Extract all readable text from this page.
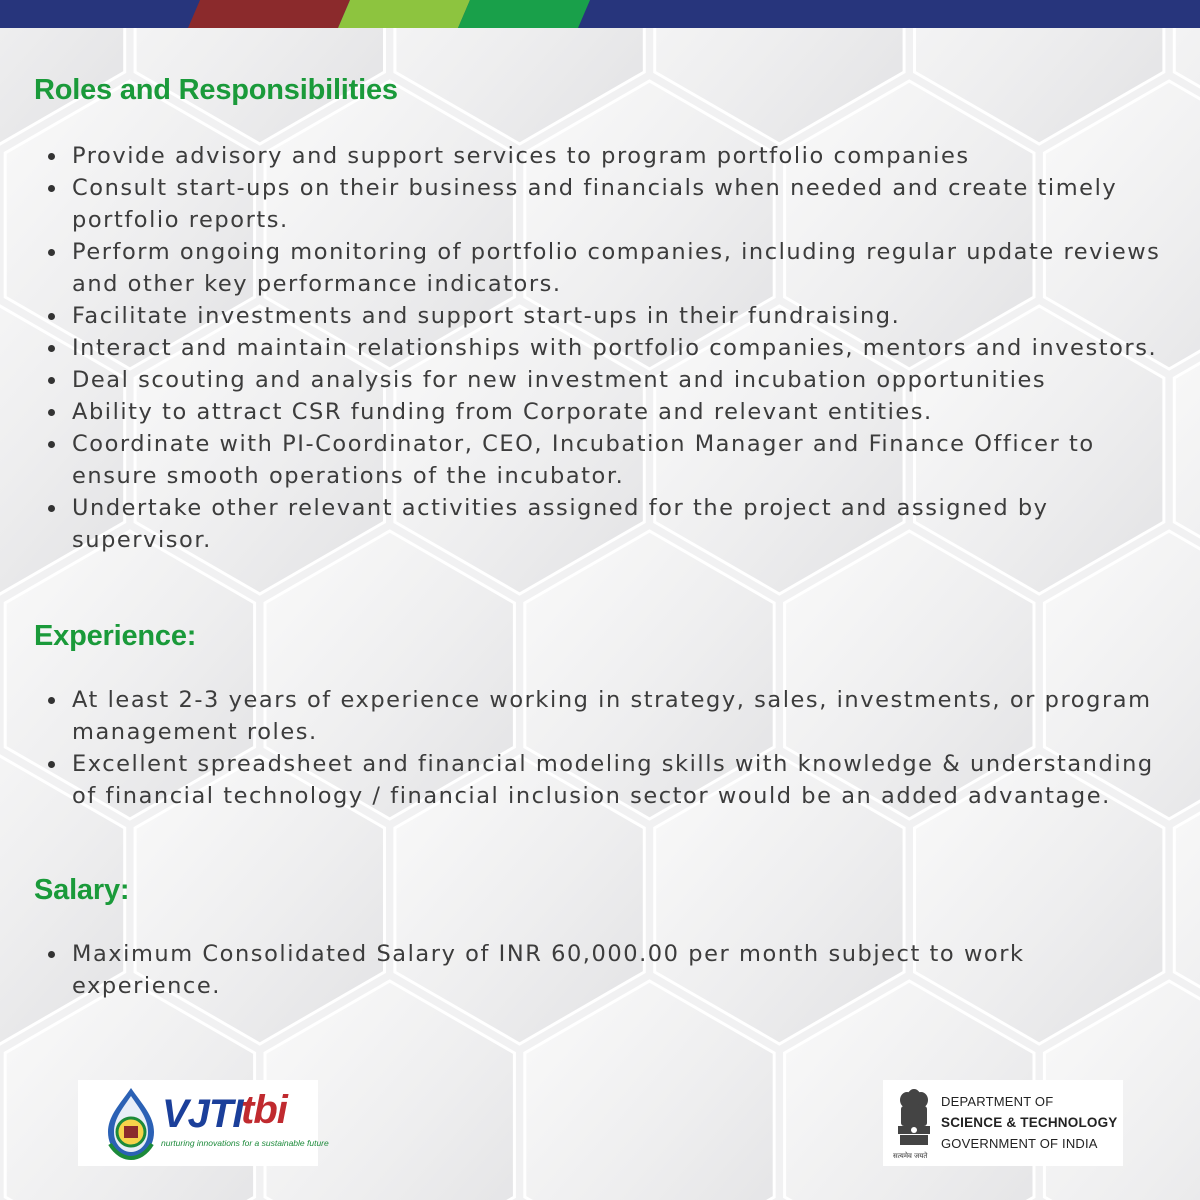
Roles and Responsibilities
Provide advisory and support services to program portfolio companies
Consult start-ups on their business and financials when needed and create timely portfolio reports.
Perform ongoing monitoring of portfolio companies, including regular update reviews and other key performance indicators.
Facilitate investments and support start-ups in their fundraising.
Interact and maintain relationships with portfolio companies, mentors and investors.
Deal scouting and analysis for new investment and incubation opportunities
Ability to attract CSR funding from Corporate and relevant entities.
Coordinate with PI-Coordinator, CEO, Incubation Manager and Finance Officer to ensure smooth operations of the incubator.
Undertake other relevant activities assigned for the project and assigned by supervisor.
Experience:
At least 2-3 years of experience working in strategy, sales, investments, or program management roles.
Excellent spreadsheet and financial modeling skills with knowledge & understanding of financial technology / financial inclusion sector would be an added advantage.
Salary:
Maximum Consolidated Salary of INR 60,000.00 per month subject to work experience.
VJTI
tbi
nurturing innovations for a sustainable future
सत्यमेव जयते
DEPARTMENT OF
SCIENCE & TECHNOLOGY
GOVERNMENT OF INDIA
